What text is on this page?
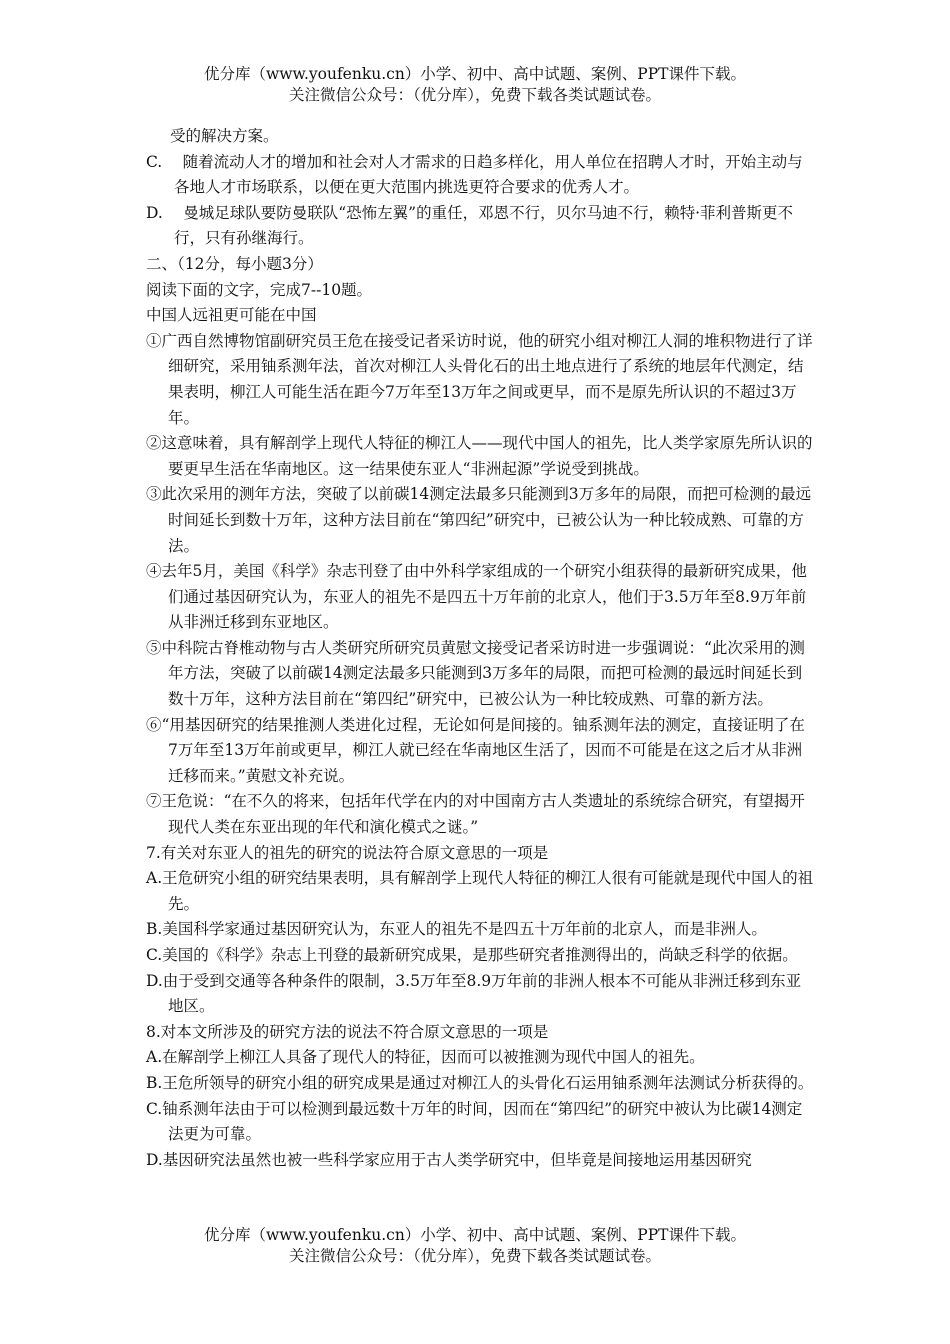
优分库（www.youfenku.cn）小学、初中、高中试题、案例、PPT课件下载。
关注微信公众号：（优分库），免费下载各类试题试卷。

受的解决方案。

C.　 随着流动人才的增加和社会对人才需求的日趋多样化，用人单位在招聘人才时，开始主动与各地人才市场联系，以便在更大范围内挑选更符合要求的优秀人才。

D.　 曼城足球队要防曼联队“恐怖左翼”的重任，邓恩不行，贝尔马迪不行，赖特·菲利普斯更不行，只有孙继海行。

二、（12分，每小题3分）

阅读下面的文字，完成7--10题。

中国人远祖更可能在中国

①广西自然博物馆副研究员王危在接受记者采访时说，他的研究小组对柳江人洞的堆积物进行了详细研究，采用铀系测年法，首次对柳江人头骨化石的出土地点进行了系统的地层年代测定，结果表明，柳江人可能生活在距今7万年至13万年之间或更早，而不是原先所认识的不超过3万年。

②这意味着，具有解剖学上现代人特征的柳江人——现代中国人的祖先，比人类学家原先所认识的要更早生活在华南地区。这一结果使东亚人“非洲起源”学说受到挑战。

③此次采用的测年方法，突破了以前碳14测定法最多只能测到3万多年的局限，而把可检测的最远时间延长到数十万年，这种方法目前在“第四纪”研究中，已被公认为一种比较成熟、可靠的方法。

④去年5月，美国《科学》杂志刊登了由中外科学家组成的一个研究小组获得的最新研究成果，他们通过基因研究认为，东亚人的祖先不是四五十万年前的北京人，他们于3.5万年至8.9万年前从非洲迁移到东亚地区。

⑤中科院古脊椎动物与古人类研究所研究员黄慰文接受记者采访时进一步强调说：“此次采用的测年方法，突破了以前碳14测定法最多只能测到3万多年的局限，而把可检测的最远时间延长到数十万年，这种方法目前在“第四纪”研究中，已被公认为一种比较成熟、可靠的新方法。

⑥“用基因研究的结果推测人类进化过程，无论如何是间接的。铀系测年法的测定，直接证明了在7万年至13万年前或更早，柳江人就已经在华南地区生活了，因而不可能是在这之后才从非洲迁移而来。”黄慰文补充说。

⑦王危说：“在不久的将来，包括年代学在内的对中国南方古人类遗址的系统综合研究，有望揭开现代人类在东亚出现的年代和演化模式之谜。”

7.有关对东亚人的祖先的研究的说法符合原文意思的一项是

A.王危研究小组的研究结果表明，具有解剖学上现代人特征的柳江人很有可能就是现代中国人的祖先。

B.美国科学家通过基因研究认为，东亚人的祖先不是四五十万年前的北京人，而是非洲人。

C.美国的《科学》杂志上刊登的最新研究成果，是那些研究者推测得出的，尚缺乏科学的依据。

D.由于受到交通等各种条件的限制，3.5万年至8.9万年前的非洲人根本不可能从非洲迁移到东亚地区。

8.对本文所涉及的研究方法的说法不符合原文意思的一项是

A.在解剖学上柳江人具备了现代人的特征，因而可以被推测为现代中国人的祖先。

B.王危所领导的研究小组的研究成果是通过对柳江人的头骨化石运用铀系测年法测试分析获得的。

C.铀系测年法由于可以检测到最远数十万年的时间，因而在“第四纪”的研究中被认为比碳14测定法更为可靠。

D.基因研究法虽然也被一些科学家应用于古人类学研究中，但毕竟是间接地运用基因研究

优分库（www.youfenku.cn）小学、初中、高中试题、案例、PPT课件下载。
关注微信公众号：（优分库），免费下载各类试题试卷。
